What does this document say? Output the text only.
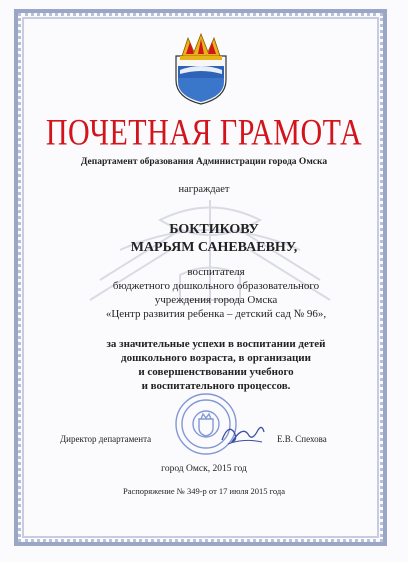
ПОЧЕТНАЯ ГРАМОТА
Департамент образования Администрации города Омска
награждает
БОКТИКОВУ
МАРЬЯМ САНЕВАЕВНУ,
воспитателя
бюджетного дошкольного образовательного
учреждения города Омска
«Центр развития ребенка – детский сад № 96»,
за значительные успехи в воспитании детей
дошкольного возраста, в организации
и совершенствовании учебного
и воспитательного процессов.
Директор департамента	Е.В. Спехова
город Омск, 2015 год
Распоряжение № 349-р от 17 июля 2015 года
